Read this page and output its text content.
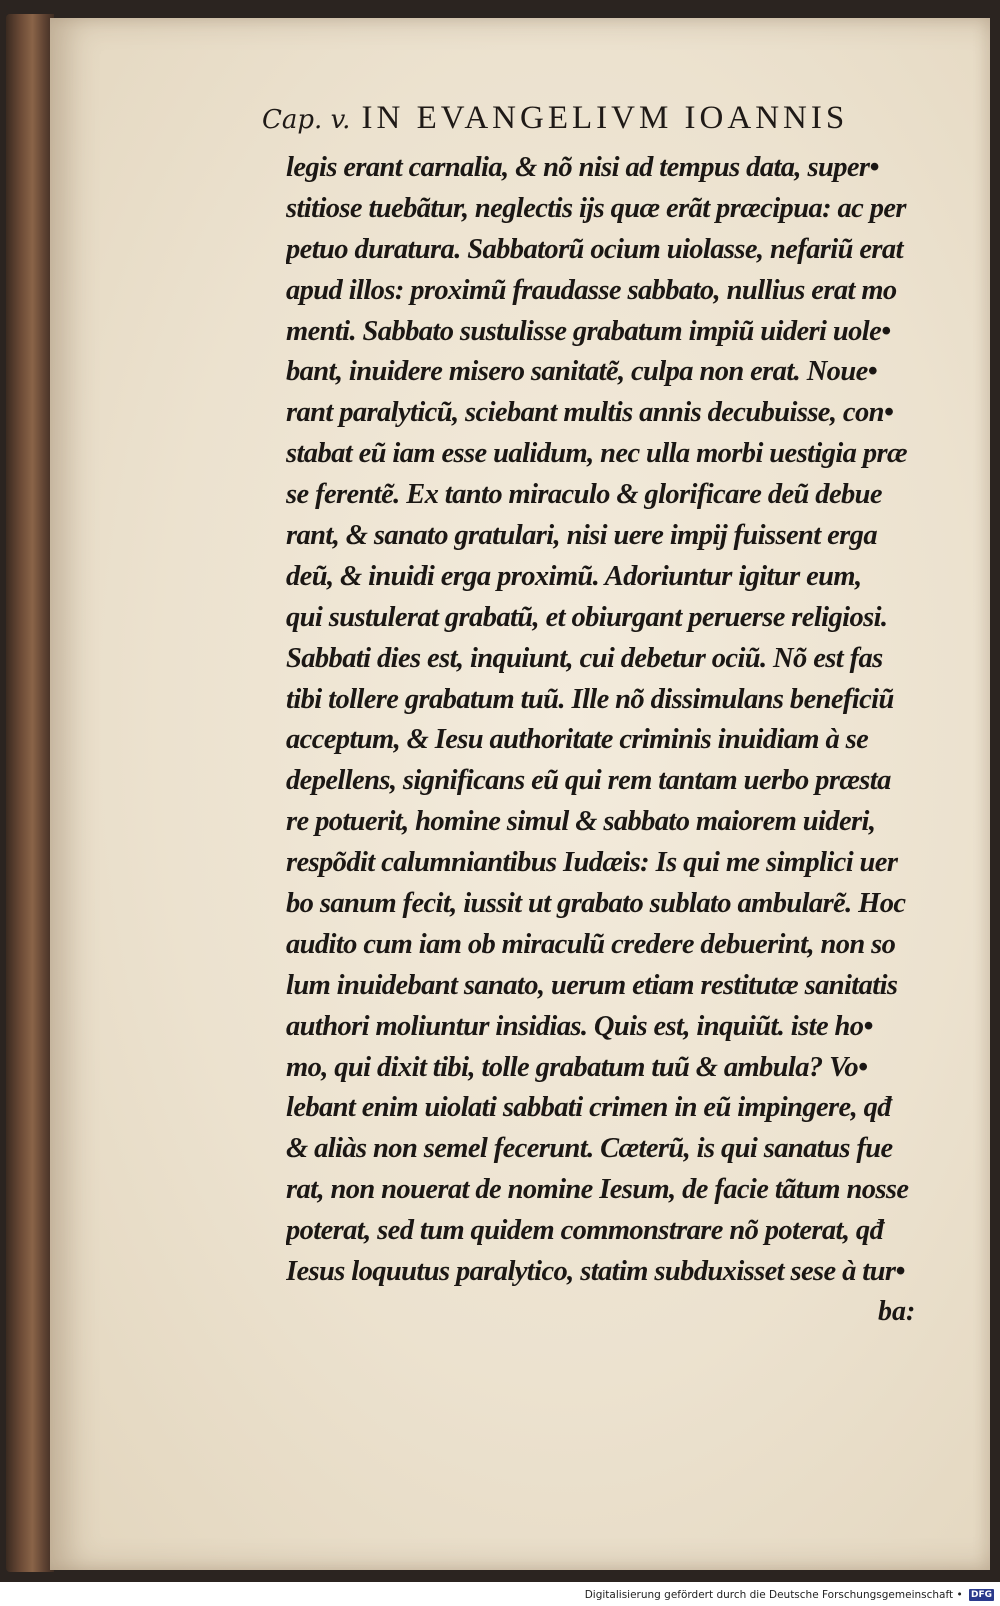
Cap. v. IN EVANGELIVM IOANNIS
legis erant carnalia, & nõ nisi ad tempus data, super•
stitiose tuebãtur, neglectis ijs quæ erãt præcipua: ac per
petuo duratura. Sabbatorũ ocium uiolasse, nefariũ erat
apud illos: proximũ fraudasse sabbato, nullius erat mo
menti. Sabbato sustulisse grabatum impiũ uideri uole•
bant, inuidere misero sanitatẽ, culpa non erat. Noue•
rant paralyticũ, sciebant multis annis decubuisse, con•
stabat eũ iam esse ualidum, nec ulla morbi uestigia præ
se ferentẽ. Ex tanto miraculo & glorificare deũ debue
rant, & sanato gratulari, nisi uere impij fuissent erga
deũ, & inuidi erga proximũ. Adoriuntur igitur eum,
qui sustulerat grabatũ, et obiurgant peruerse religiosi.
Sabbati dies est, inquiunt, cui debetur ociũ. Nõ est fas
tibi tollere grabatum tuũ. Ille nõ dissimulans beneficiũ
acceptum, & Iesu authoritate criminis inuidiam à se
depellens, significans eũ qui rem tantam uerbo præsta
re potuerit, homine simul & sabbato maiorem uideri,
respõdit calumniantibus Iudæis: Is qui me simplici uer
bo sanum fecit, iussit ut grabato sublato ambularẽ. Hoc
audito cum iam ob miraculũ credere debuerint, non so
lum inuidebant sanato, uerum etiam restitutæ sanitatis
authori moliuntur insidias. Quis est, inquiũt. iste ho•
mo, qui dixit tibi, tolle grabatum tuũ & ambula? Vo•
lebant enim uiolati sabbati crimen in eũ impingere, qđ
& aliàs non semel fecerunt. Cæterũ, is qui sanatus fue
rat, non nouerat de nomine Iesum, de facie tãtum nosse
poterat, sed tum quidem commonstrare nõ poterat, qđ
Iesus loquutus paralytico, statim subduxisset sese à tur•
ba:
Digitalisierung gefördert durch die Deutsche Forschungsgemeinschaft • DFG
